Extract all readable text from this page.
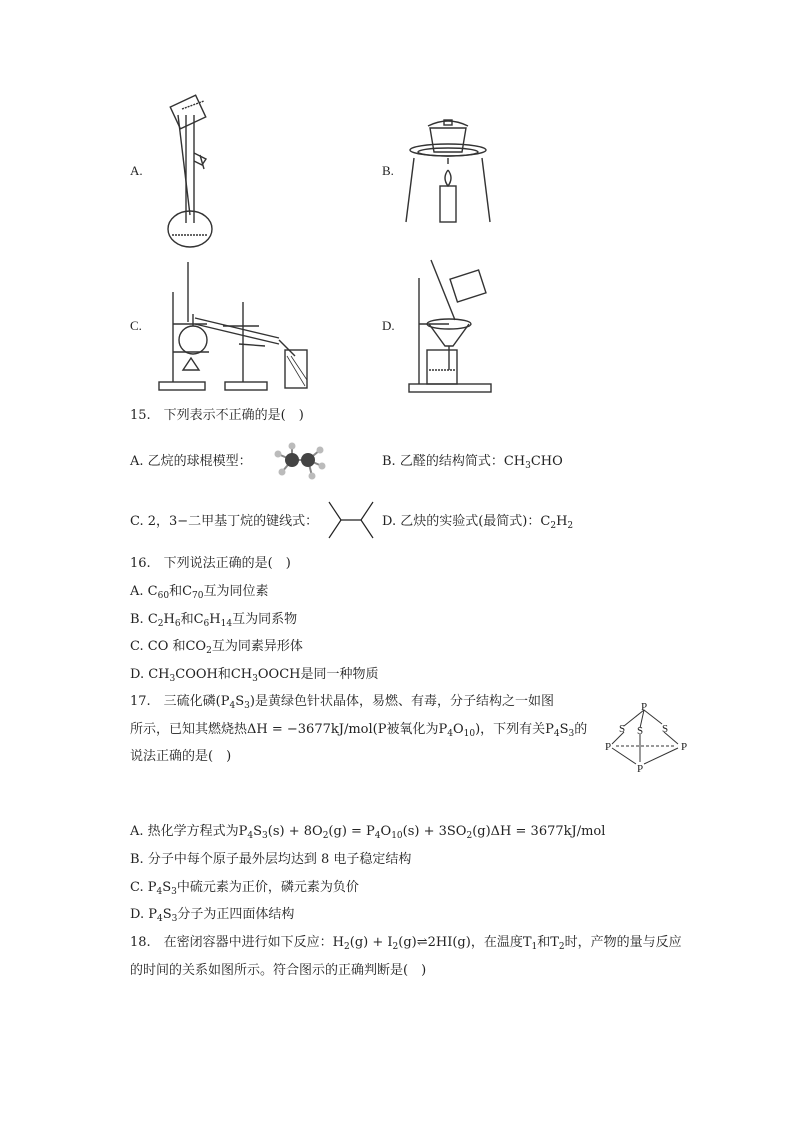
A.	B.
C.	D.
15.　下列表示不正确的是(　)
A. 乙烷的球棍模型：	B. 乙醛的结构简式：$CH_3CHO$
C. 2，3−二甲基丁烷的键线式：	D. 乙炔的实验式(最简式)：$C_2H_2$
16.　下列说法正确的是(　)
A. $C_{60}$和$C_{70}$互为同位素
B. $C_2H_6$和$C_6H_{14}$互为同系物
C. CO 和$CO_2$互为同素异形体
D. $CH_3COOH$和$CH_3OOCH$是同一种物质
17.　三硫化磷$(P_4S_3)$是黄绿色针状晶体，易燃、有毒，分子结构之一如图
所示，已知其燃烧热ΔH = −3677kJ/mol(P被氧化为$P_4O_{10}$)，下列有关$P_4S_3$的
说法正确的是(　)
P
S S S
P	P
P
A. 热化学方程式为$P_4S_3(s) + 8O_2(g) = P_4O_{10}(s) + 3SO_2(g)\Delta H = 3677kJ/mol$
B. 分子中每个原子最外层均达到 8 电子稳定结构
C. $P_4S_3$中硫元素为正价，磷元素为负价
D. $P_4S_3$分子为正四面体结构
18.　在密闭容器中进行如下反应：$H_2(g)$ + $I_2(g)\rightleftharpoons 2HI(g)$，在温度$T_1$和$T_2$时，产物的量与反应
的时间的关系如图所示。符合图示的正确判断是(　)
